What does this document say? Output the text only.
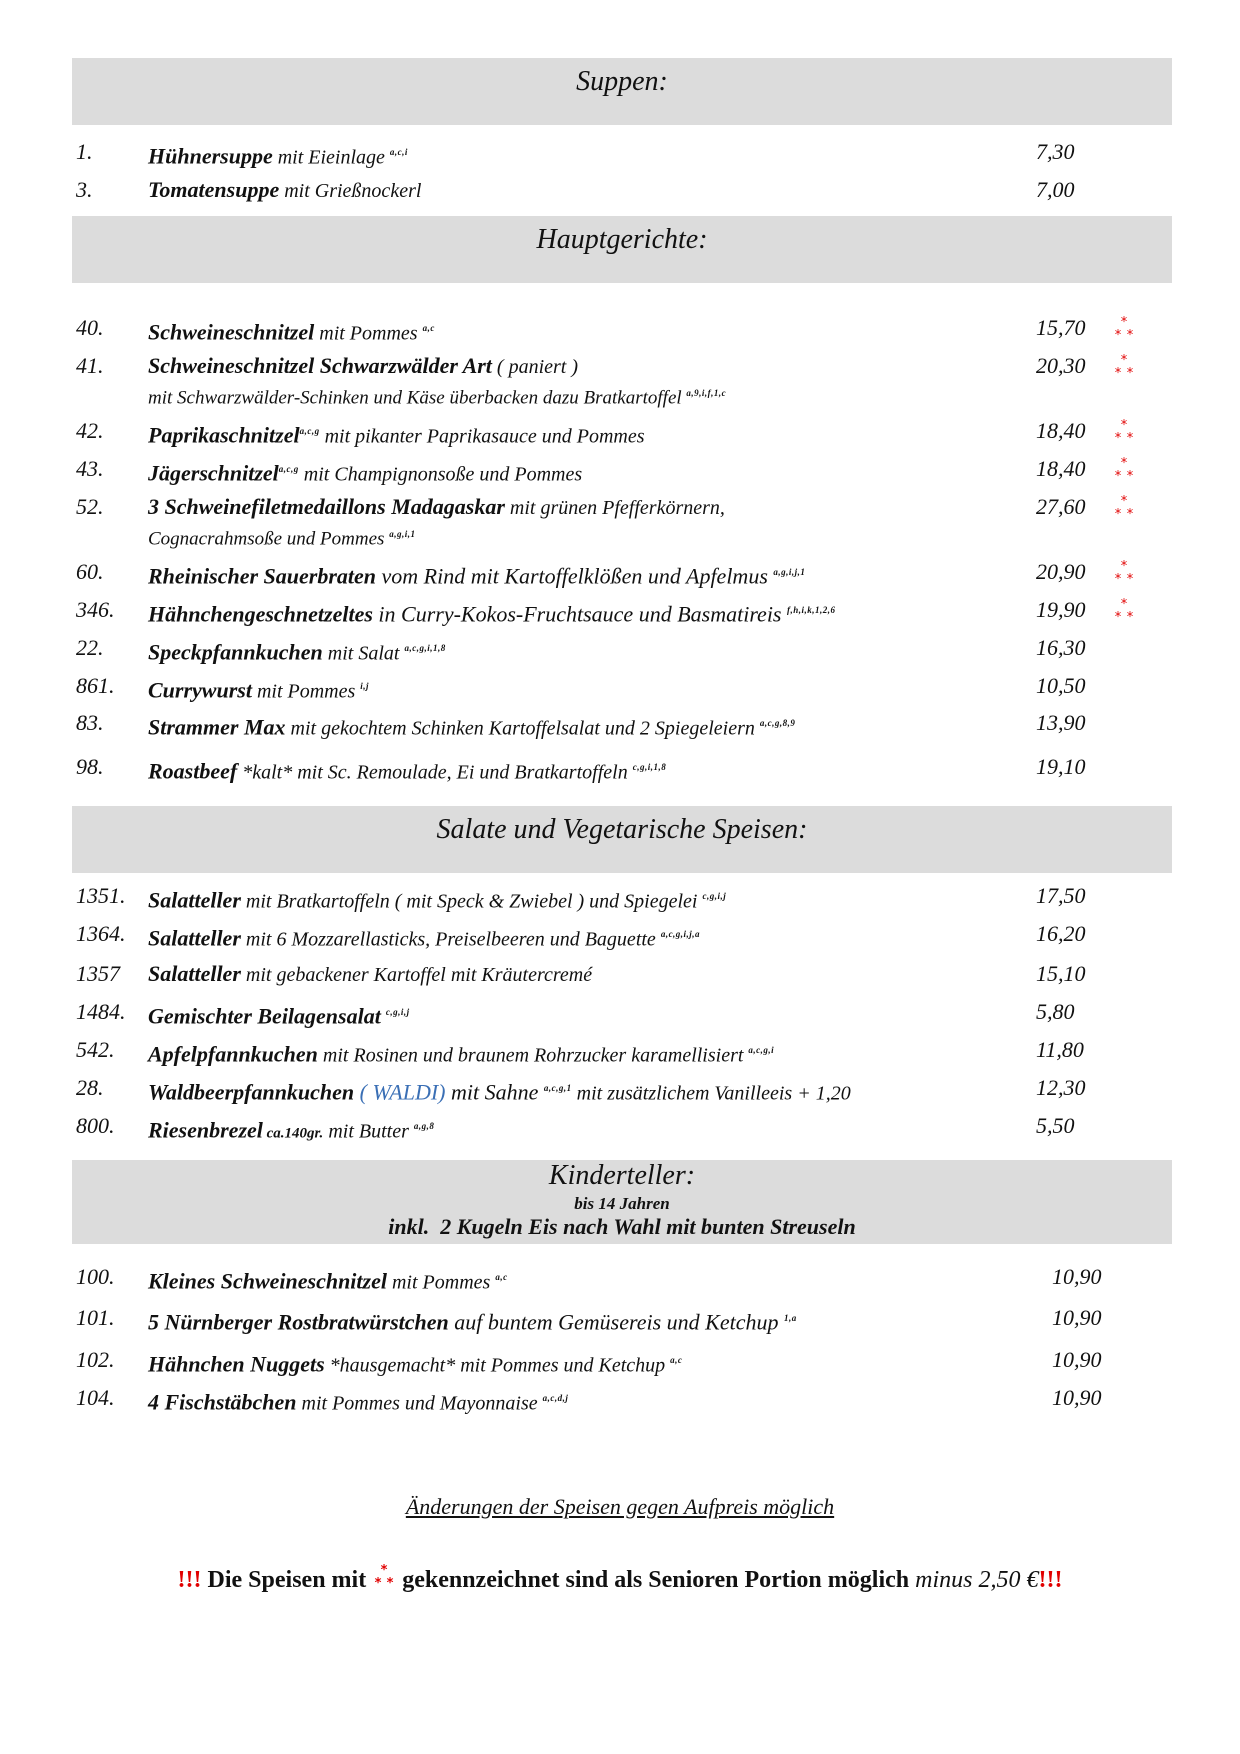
Suppen:
1.	Hühnersuppe mit Eieinlage $^{a,c,i}$	7,30
3.	Tomatensuppe mit Grießnockerl	7,00
Hauptgerichte:
40. Schweineschnitzel mit Pommes $^{a,c}$	15,70
41. Schweineschnitzel Schwarzwälder Art ( paniert )	20,30
mit Schwarzwälder-Schinken und Käse überbacken dazu Bratkartoffel $^{a,9,i,f,1,c}$
42. Paprikaschnitzel$^{a,c,g}$ mit pikanter Paprikasauce und Pommes	18,40
43. Jägerschnitzel$^{a,c,g}$ mit Champignonsoße und Pommes	18,40
52. 3 Schweinefiletmedaillons Madagaskar mit grünen Pfefferkörnern,	27,60
Cognacrahmsoße und Pommes $^{a,g,i,1}$
60. Rheinischer Sauerbraten vom Rind mit Kartoffelklößen und Apfelmus $^{a,g,i,j,1}$	20,90
346. Hähnchengeschnetzeltes in Curry-Kokos-Fruchtsauce und Basmatireis $^{f,h,i,k,1,2,6}$	19,90
22. Speckpfannkuchen mit Salat $^{a,c,g,i,1,8}$	16,30
861. Currywurst mit Pommes $^{i,j}$	10,50
83. Strammer Max mit gekochtem Schinken Kartoffelsalat und 2 Spiegeleiern $^{a,c,g,8,9}$	13,90
98. Roastbeef *kalt* mit Sc. Remoulade, Ei und Bratkartoffeln $^{c,g,i,1,8}$	19,10
Salate und Vegetarische Speisen:
1351. Salatteller mit Bratkartoffeln ( mit Speck & Zwiebel ) und Spiegelei $^{c,g,i,j}$	17,50
1364. Salatteller mit 6 Mozzarellasticks, Preiselbeeren und Baguette $^{a,c,g,i,j,a}$	16,20
1357 Salatteller mit gebackener Kartoffel mit Kräutercremé	15,10
1484. Gemischter Beilagensalat $^{c,g,i,j}$	5,80
542. Apfelpfannkuchen mit Rosinen und braunem Rohrzucker karamellisiert $^{a,c,g,i}$	11,80
28. Waldbeerpfannkuchen ( WALDI) mit Sahne $^{a,c,g,1}$ mit zusätzlichem Vanilleeis + 1,20	12,30
800. Riesenbrezel ca.140gr. mit Butter $^{a,g,8}$	5,50
Kinderteller:
bis 14 Jahren
inkl.  2 Kugeln Eis nach Wahl mit bunten Streuseln
100. Kleines Schweineschnitzel mit Pommes $^{a,c}$	10,90
101. 5 Nürnberger Rostbratwürstchen auf buntem Gemüsereis und Ketchup $^{1,a}$	10,90
102. Hähnchen Nuggets *hausgemacht* mit Pommes und Ketchup $^{a,c}$	10,90
104. 4 Fischstäbchen mit Pommes und Mayonnaise $^{a,c,d,j}$	10,90
Änderungen der Speisen gegen Aufpreis möglich
!!! Die Speisen mit  gekennzeichnet sind als Senioren Portion möglich minus 2,50 €!!!
